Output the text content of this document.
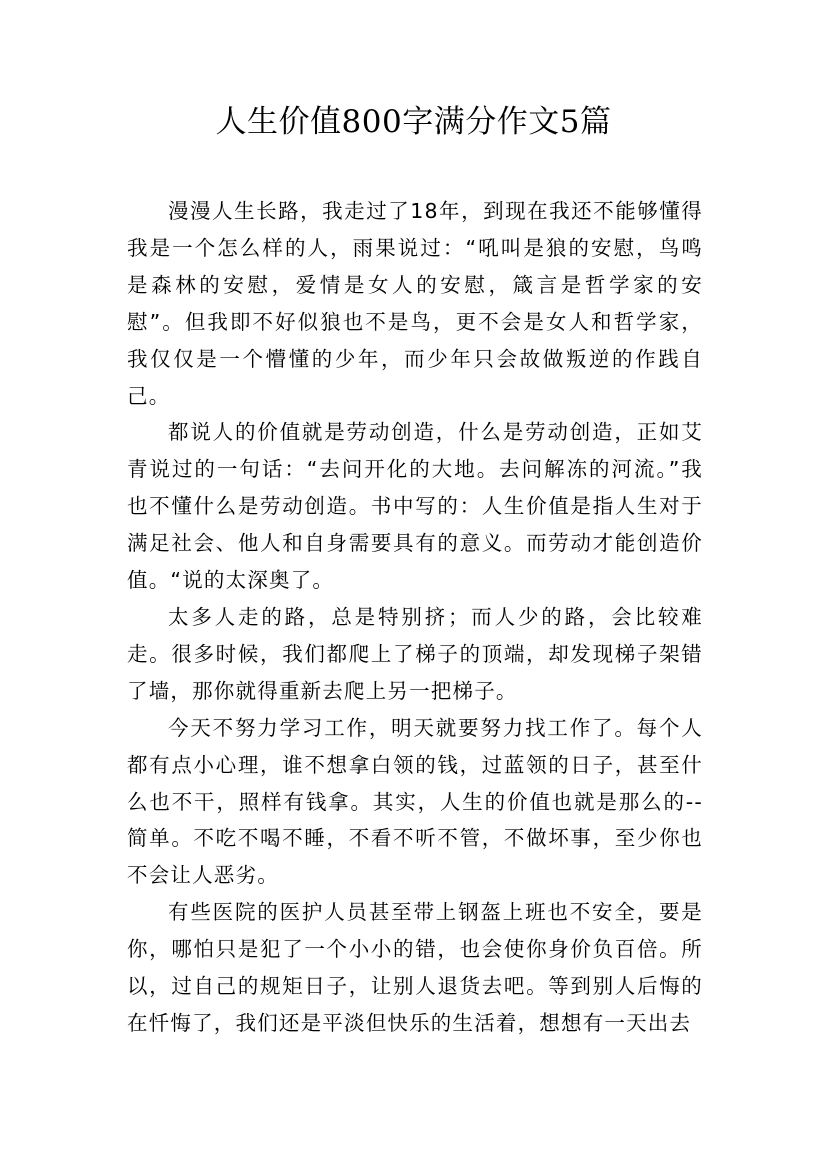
人生价值800字满分作文5篇

漫漫人生长路，我走过了18年，到现在我还不能够懂得我是一个怎么样的人，雨果说过：“吼叫是狼的安慰，鸟鸣是森林的安慰，爱情是女人的安慰，箴言是哲学家的安慰”。但我即不好似狼也不是鸟，更不会是女人和哲学家，我仅仅是一个懵懂的少年，而少年只会故做叛逆的作践自己。

都说人的价值就是劳动创造，什么是劳动创造，正如艾青说过的一句话：“去问开化的大地。去问解冻的河流。”我也不懂什么是劳动创造。书中写的：人生价值是指人生对于满足社会、他人和自身需要具有的意义。而劳动才能创造价值。“说的太深奥了。

太多人走的路，总是特别挤；而人少的路，会比较难走。很多时候，我们都爬上了梯子的顶端，却发现梯子架错了墙，那你就得重新去爬上另一把梯子。

今天不努力学习工作，明天就要努力找工作了。每个人都有点小心理，谁不想拿白领的钱，过蓝领的日子，甚至什么也不干，照样有钱拿。其实，人生的价值也就是那么的--简单。不吃不喝不睡，不看不听不管，不做坏事，至少你也不会让人恶劣。

有些医院的医护人员甚至带上钢盔上班也不安全，要是你，哪怕只是犯了一个小小的错，也会使你身价负百倍。所以，过自己的规矩日子，让别人退货去吧。等到别人后悔的在忏悔了，我们还是平淡但快乐的生活着，想想有一天出去
